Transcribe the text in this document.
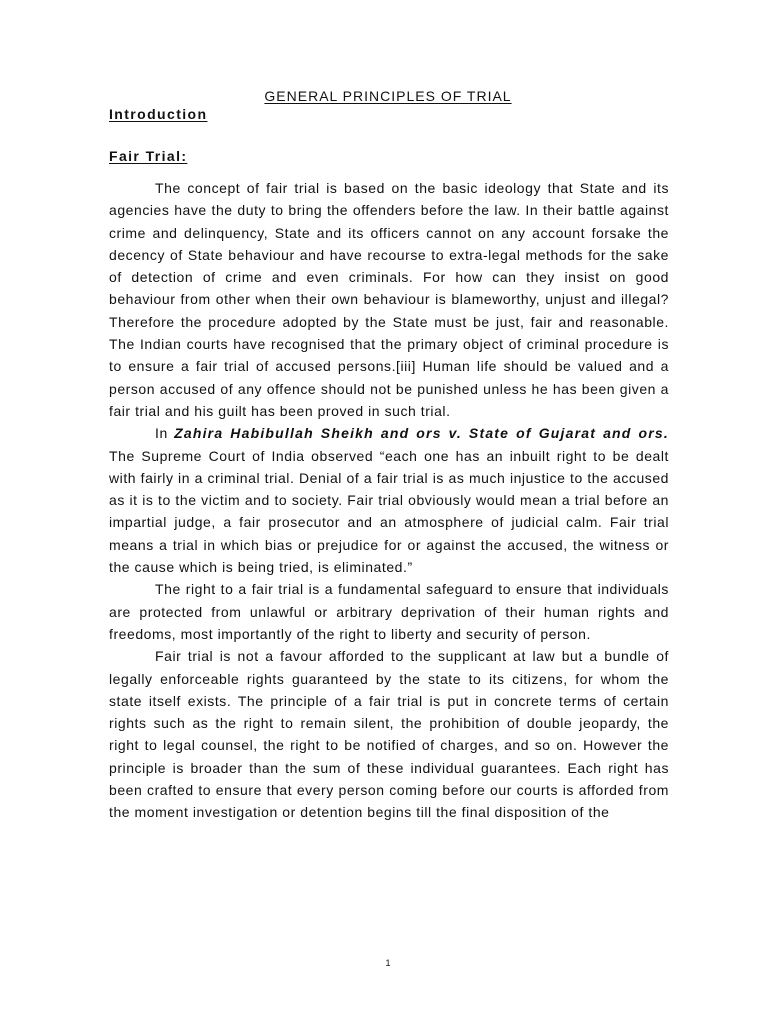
GENERAL PRINCIPLES OF TRIAL
Introduction
Fair Trial:

The concept of fair trial is based on the basic ideology that State and its agencies have the duty to bring the offenders before the law. In their battle against crime and delinquency, State and its officers cannot on any account forsake the decency of State behaviour and have recourse to extra-legal methods for the sake of detection of crime and even criminals. For how can they insist on good behaviour from other when their own behaviour is blameworthy, unjust and illegal? Therefore the procedure adopted by the State must be just, fair and reasonable. The Indian courts have recognised that the primary object of criminal procedure is to ensure a fair trial of accused persons.[iii] Human life should be valued and a person accused of any offence should not be punished unless he has been given a fair trial and his guilt has been proved in such trial.

In Zahira Habibullah Sheikh and ors v. State of Gujarat and ors. The Supreme Court of India observed “each one has an inbuilt right to be dealt with fairly in a criminal trial. Denial of a fair trial is as much injustice to the accused as it is to the victim and to society. Fair trial obviously would mean a trial before an impartial judge, a fair prosecutor and an atmosphere of judicial calm. Fair trial means a trial in which bias or prejudice for or against the accused, the witness or the cause which is being tried, is eliminated.”

The right to a fair trial is a fundamental safeguard to ensure that individuals are protected from unlawful or arbitrary deprivation of their human rights and freedoms, most importantly of the right to liberty and security of person.

Fair trial is not a favour afforded to the supplicant at law but a bundle of legally enforceable rights guaranteed by the state to its citizens, for whom the state itself exists. The principle of a fair trial is put in concrete terms of certain rights such as the right to remain silent, the prohibition of double jeopardy, the right to legal counsel, the right to be notified of charges, and so on. However the principle is broader than the sum of these individual guarantees. Each right has been crafted to ensure that every person coming before our courts is afforded from the moment investigation or detention begins till the final disposition of the

1
